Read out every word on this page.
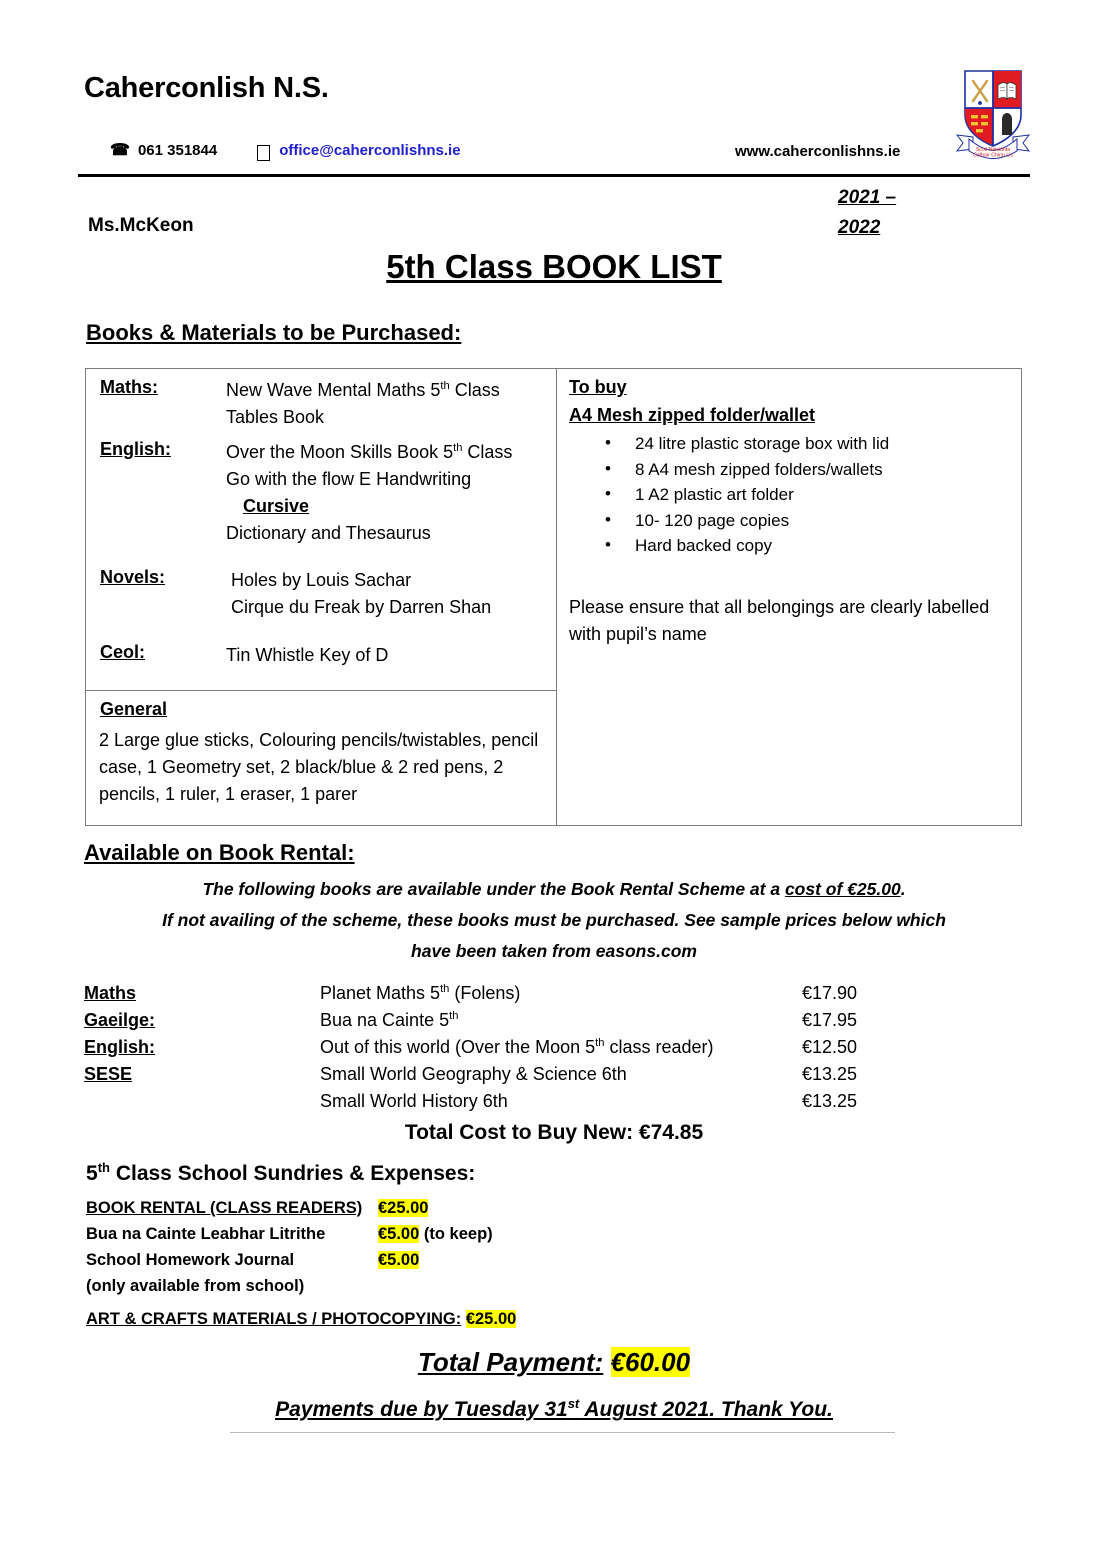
Caherconlish N.S.
☎ 061 351844	office@caherconlishns.ie	www.caherconlishns.ie	Scoil Náisiúnta
Cathair Chinn Lis
2021 –
2022
Ms.McKeon
5th Class BOOK LIST
Books & Materials to be Purchased:
Maths:	New Wave Mental Maths 5th Class
Tables Book
English:	Over the Moon Skills Book 5th Class
Go with the flow E Handwriting
Cursive
Dictionary and Thesaurus
Novels:	Holes by Louis Sachar
Cirque du Freak by Darren Shan
Ceol:	Tin Whistle Key of D
General
2 Large glue sticks, Colouring pencils/twistables, pencil case, 1 Geometry set, 2 black/blue & 2 red pens, 2 pencils, 1 ruler, 1 eraser, 1 parer
To buy
A4 Mesh zipped folder/wallet
• 24 litre plastic storage box with lid
• 8 A4 mesh zipped folders/wallets
• 1 A2 plastic art folder
• 10- 120 page copies
• Hard backed copy
Please ensure that all belongings are clearly labelled with pupil’s name
Available on Book Rental:
The following books are available under the Book Rental Scheme at a cost of €25.00.
If not availing of the scheme, these books must be purchased. See sample prices below which
have been taken from easons.com
Maths	Planet Maths 5th (Folens)	€17.90
Gaeilge:	Bua na Cainte 5th	€17.95
English:	Out of this world (Over the Moon 5th class reader)	€12.50
SESE	Small World Geography & Science 6th	€13.25
Small World History 6th	€13.25
Total Cost to Buy New: €74.85
5th Class School Sundries & Expenses:
BOOK RENTAL (CLASS READERS) €25.00
Bua na Cainte Leabhar Litrithe	€5.00 (to keep)
School Homework Journal	€5.00
(only available from school)
ART & CRAFTS MATERIALS / PHOTOCOPYING: €25.00
Total Payment: €60.00
Payments due by Tuesday 31st August 2021. Thank You.
